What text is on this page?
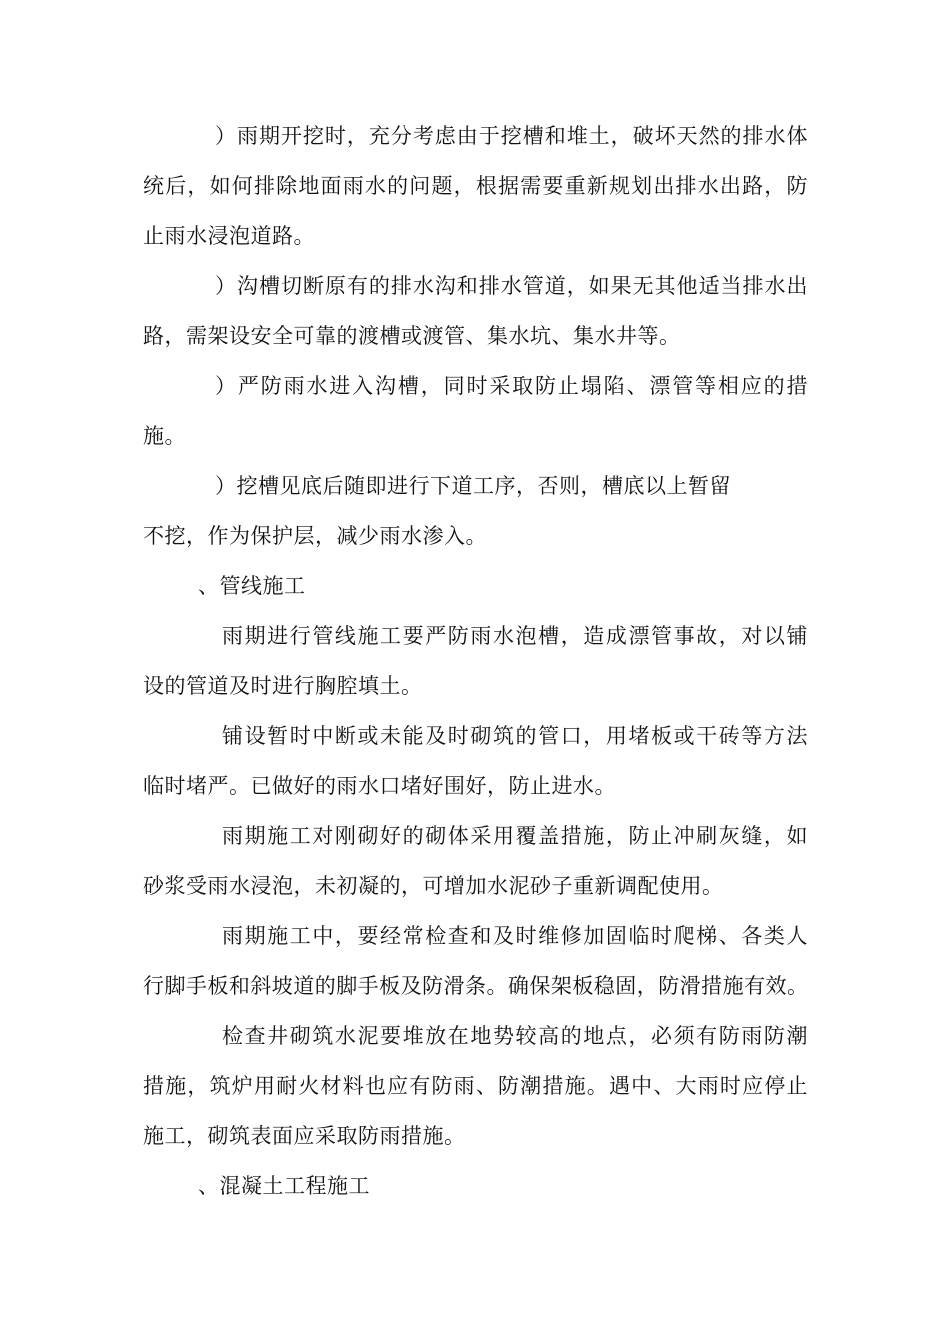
）雨期开挖时，充分考虑由于挖槽和堆土，破坏天然的排水体
统后，如何排除地面雨水的问题，根据需要重新规划出排水出路，防
止雨水浸泡道路。
）沟槽切断原有的排水沟和排水管道，如果无其他适当排水出
路，需架设安全可靠的渡槽或渡管、集水坑、集水井等。
）严防雨水进入沟槽，同时采取防止塌陷、漂管等相应的措
施。
）挖槽见底后随即进行下道工序，否则，槽底以上暂留
不挖，作为保护层，减少雨水渗入。
、管线施工
雨期进行管线施工要严防雨水泡槽，造成漂管事故，对以铺
设的管道及时进行胸腔填土。
铺设暂时中断或未能及时砌筑的管口，用堵板或干砖等方法
临时堵严。已做好的雨水口堵好围好，防止进水。
雨期施工对刚砌好的砌体采用覆盖措施，防止冲刷灰缝，如
砂浆受雨水浸泡，未初凝的，可增加水泥砂子重新调配使用。
雨期施工中，要经常检查和及时维修加固临时爬梯、各类人
行脚手板和斜坡道的脚手板及防滑条。确保架板稳固，防滑措施有效。
检查井砌筑水泥要堆放在地势较高的地点，必须有防雨防潮
措施，筑炉用耐火材料也应有防雨、防潮措施。遇中、大雨时应停止
施工，砌筑表面应采取防雨措施。
、混凝土工程施工
